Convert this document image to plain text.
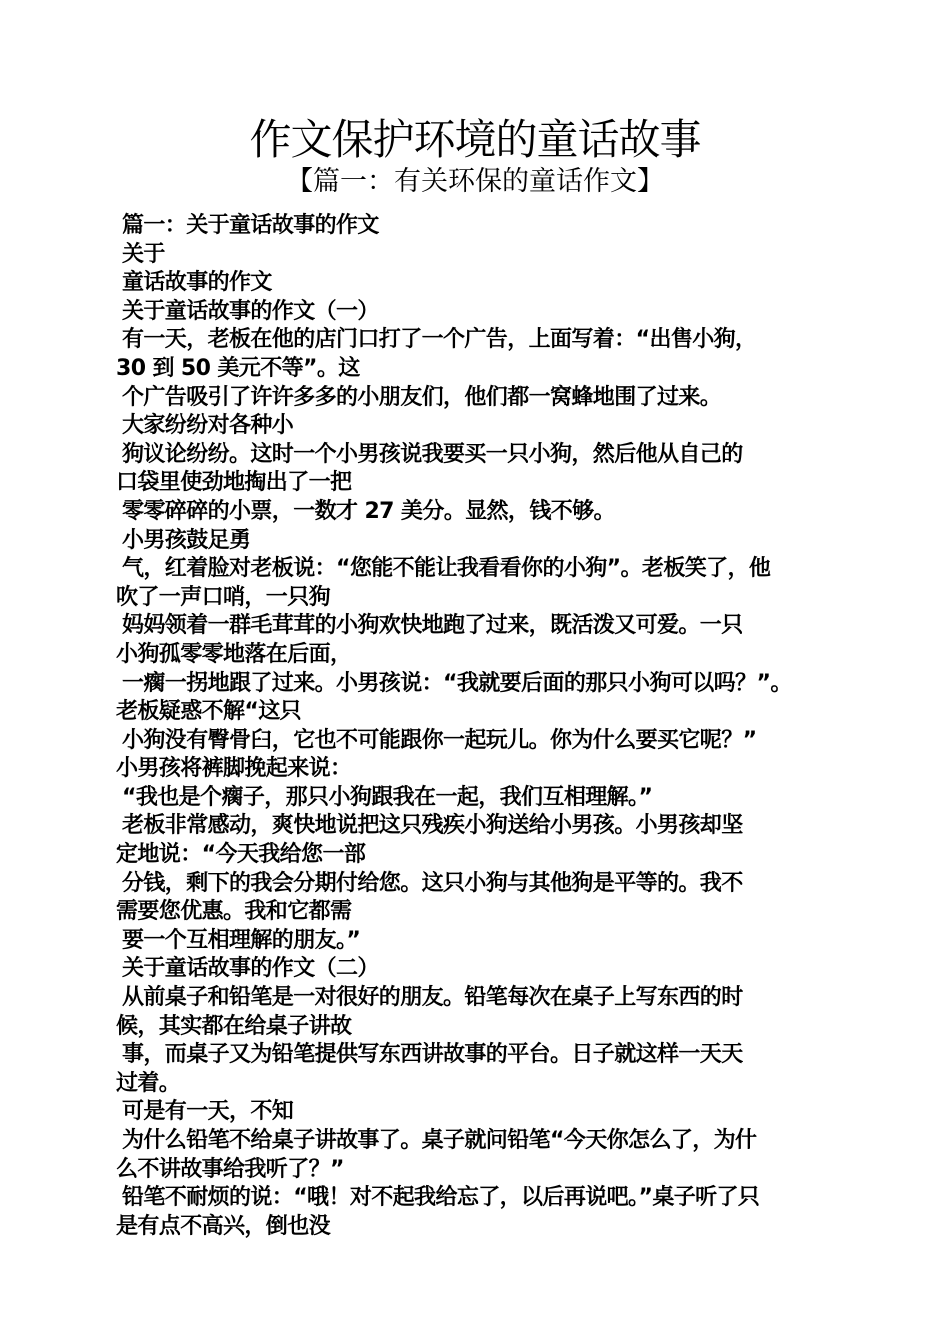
作文保护环境的童话故事
【篇一：有关环保的童话作文】
篇一：关于童话故事的作文
关于
童话故事的作文
关于童话故事的作文（一）
有一天，老板在他的店门口打了一个广告，上面写着：“出售小狗，
30 到 50 美元不等”。这
个广告吸引了许许多多的小朋友们，他们都一窝蜂地围了过来。
大家纷纷对各种小
狗议论纷纷。这时一个小男孩说我要买一只小狗，然后他从自己的
口袋里使劲地掏出了一把
零零碎碎的小票，一数才 27 美分。显然，钱不够。
小男孩鼓足勇
气，红着脸对老板说：“您能不能让我看看你的小狗”。老板笑了，他
吹了一声口哨，一只狗
妈妈领着一群毛茸茸的小狗欢快地跑了过来，既活泼又可爱。一只
小狗孤零零地落在后面，
一瘸一拐地跟了过来。小男孩说：“我就要后面的那只小狗可以吗？”。
老板疑惑不解“这只
小狗没有臀骨臼，它也不可能跟你一起玩儿。你为什么要买它呢？”
小男孩将裤脚挽起来说：
“我也是个瘸子，那只小狗跟我在一起，我们互相理解。”
老板非常感动，爽快地说把这只残疾小狗送给小男孩。小男孩却坚
定地说：“今天我给您一部
分钱，剩下的我会分期付给您。这只小狗与其他狗是平等的。我不
需要您优惠。我和它都需
要一个互相理解的朋友。”
关于童话故事的作文（二）
从前桌子和铅笔是一对很好的朋友。铅笔每次在桌子上写东西的时
候，其实都在给桌子讲故
事，而桌子又为铅笔提供写东西讲故事的平台。日子就这样一天天
过着。
可是有一天，不知
为什么铅笔不给桌子讲故事了。桌子就问铅笔“今天你怎么了，为什
么不讲故事给我听了？”
铅笔不耐烦的说：“哦！对不起我给忘了，以后再说吧。”桌子听了只
是有点不高兴，倒也没
